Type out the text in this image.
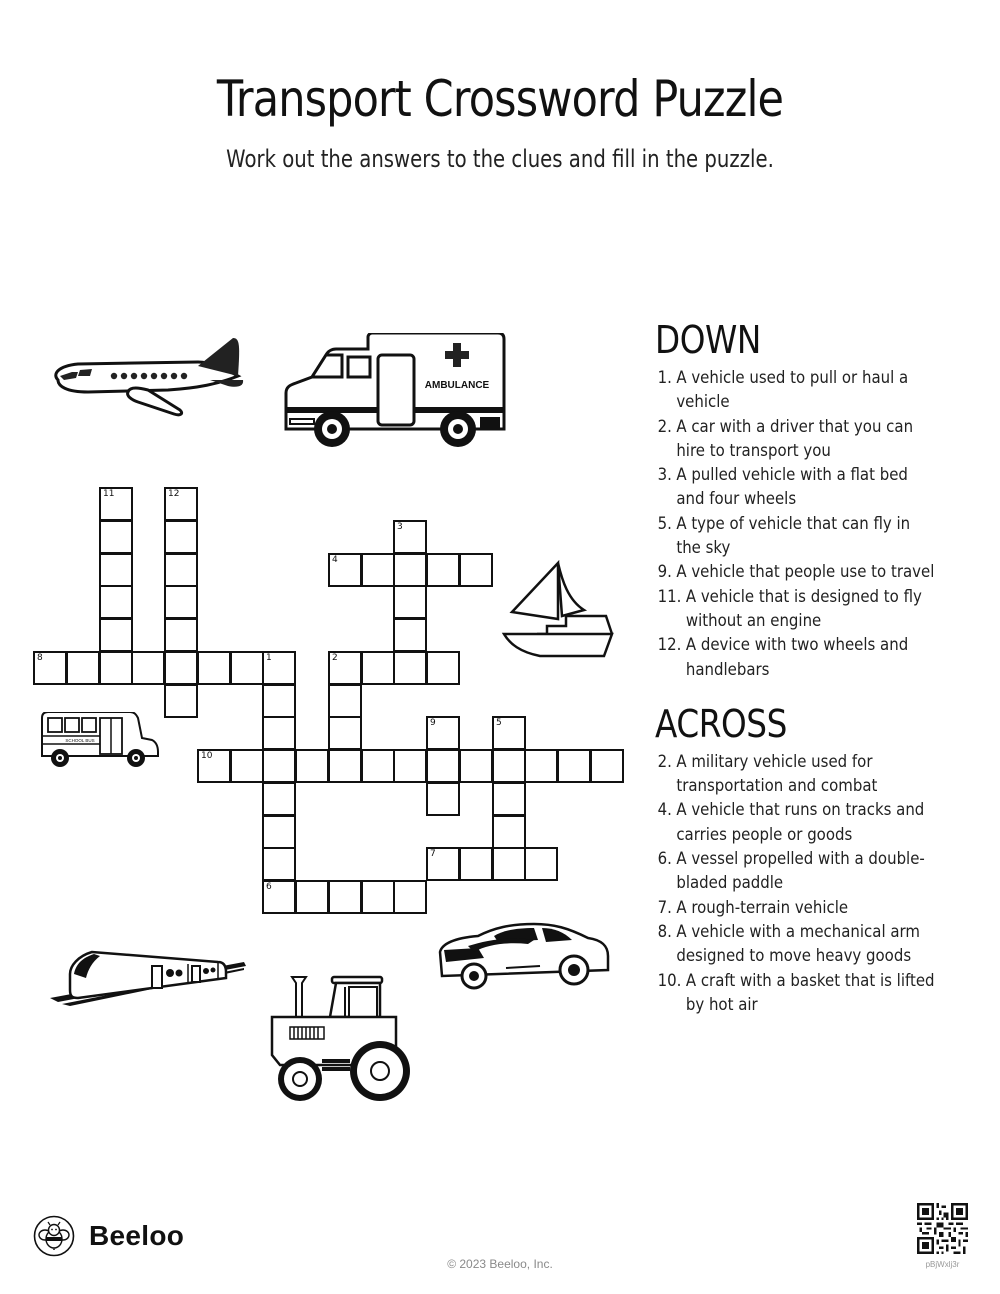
Transport Crossword Puzzle
Work out the answers to the clues and fill in the puzzle.
AMBULANCE
SCHOOL BUS
11	12
3
4
8	1	2
9	5
10
7
6
DOWN
1. A vehicle used to pull or haul a vehicle
2. A car with a driver that you can hire to transport you
3. A pulled vehicle with a flat bed and four wheels
5. A type of vehicle that can fly in the sky
9. A vehicle that people use to travel
11. A vehicle that is designed to fly without an engine
12. A device with two wheels and handlebars
ACROSS
2. A military vehicle used for transportation and combat
4. A vehicle that runs on tracks and carries people or goods
6. A vessel propelled with a double-bladed paddle
7. A rough-terrain vehicle
8. A vehicle with a mechanical arm designed to move heavy goods
10. A craft with a basket that is lifted by hot air
Beeloo
© 2023 Beeloo, Inc.	pBjWxlj3r
